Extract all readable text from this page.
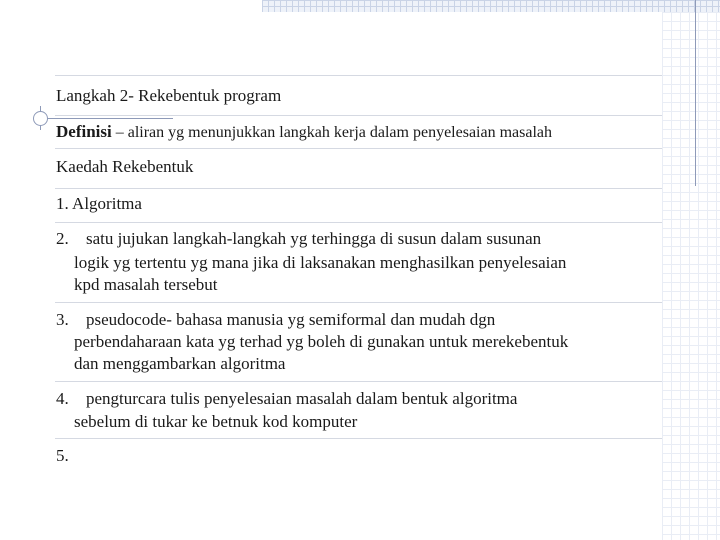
Langkah 2- Rekebentuk program

Definisi – aliran yg menunjukkan langkah kerja dalam penyelesaian masalah

Kaedah Rekebentuk

1. Algoritma

2. satu jujukan langkah-langkah yg terhingga di susun dalam susunan

logik yg tertentu yg mana jika di laksanakan menghasilkan penyelesaian

kpd masalah tersebut

3. pseudocode- bahasa manusia yg semiformal dan mudah dgn

perbendaharaan kata yg terhad yg boleh di gunakan untuk merekebentuk

dan menggambarkan algoritma

4. pengturcara tulis penyelesaian masalah dalam bentuk algoritma

sebelum di tukar ke betnuk kod komputer

5.
